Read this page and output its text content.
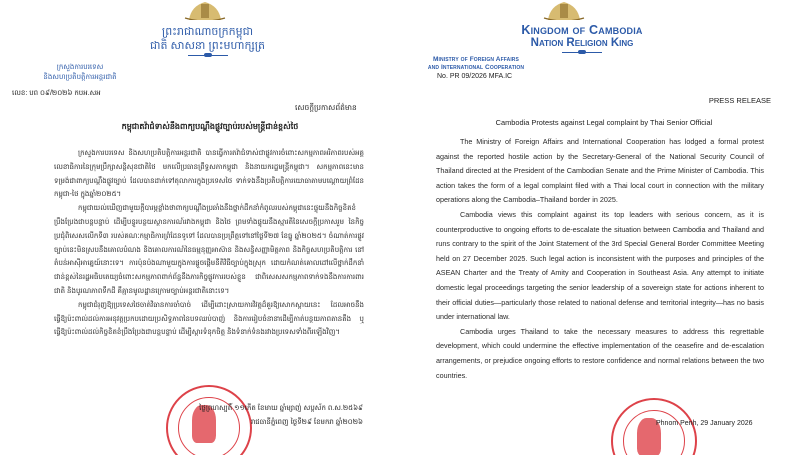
ព្រះរាជាណាចក្រកម្ពុជា
ជាតិ សាសនា ព្រះមហាក្សត្រ
ក្រសួងការបរទេស
និងសហប្រតិបត្តិការអន្តរជាតិ
លេខ: បព ០៩/២០២៦ កបអ.សអ
សេចក្តីប្រកាសព័ត៌មាន
កម្ពុជាតវ៉ាជំទាស់នឹងពាក្យបណ្តឹងផ្លូវច្បាប់របស់មន្ត្រីជាន់ខ្ពស់ថៃ

ក្រសួងការបរទេស និងសហប្រតិបត្តិការអន្តរជាតិ បានធ្វើការតវ៉ាជំទាស់ជាផ្លូវការចំពោះសកម្មភាពអរិភាពរបស់អគ្គលេខាធិការនៃក្រុមប្រឹក្សាសន្តិសុខជាតិថៃ មកលើប្រធានព្រឹទ្ធសភាកម្ពុជា និងនាយករដ្ឋមន្ត្រីកម្ពុជា។ សកម្មភាពនេះមានទម្រង់ជាពាក្យបណ្តឹងផ្លូវច្បាប់ ដែលបានដាក់ទៅតុលាការក្នុងប្រទេសថៃ ទាក់ទងនឹងប្រតិបត្តិការយោធាតាមបណ្តោយព្រំដែនកម្ពុជា-ថៃ ក្នុងឆ្នាំ២០២៥។

កម្ពុជាយល់ឃើញជាមួយក្តីបារម្ភខ្លាំងថាពាក្យបណ្តឹងប្រឆាំងនឹងថ្នាក់ដឹកនាំកំពូលរបស់កម្ពុជានេះផ្ទុយនឹងកិច្ចខិតខំប្រឹងប្រែងជាបន្តបន្ទាប់ ដើម្បីបន្ធូរបន្ថយស្ថានការណ៍រវាងកម្ពុជា និងថៃ ព្រមទាំងផ្ទុយនឹងស្មារតីនៃសេចក្តីប្រកាសរួម នៃកិច្ចប្រជុំពិសេសលើកទី៣ របស់គណៈកម្មាធិការព្រំដែនទូទៅ ដែលបានប្រព្រឹត្តទៅនៅថ្ងៃទី២៧ ខែធ្នូ ឆ្នាំ២០២៥។ ចំណាត់ការផ្លូវច្បាប់នេះមិនស្របនឹងគោលបំណង និងគោលការណ៍នៃធម្មនុញ្ញអាស៊ាន និងសន្ធិសញ្ញាមិត្តភាព និងកិច្ចសហប្រតិបត្តិការ នៅតំបន់អាស៊ីអាគ្នេយ៍នោះទេ។ ការប៉ុនប៉ងណាមួយក្នុងការផ្តួចផ្តើមនីតិវិធីច្បាប់ក្នុងស្រុក ដោយកំណត់គោលដៅលើថ្នាក់ដឹកនាំជាន់ខ្ពស់នៃរដ្ឋអធិបតេយ្យចំពោះសកម្មភាពពាក់ព័ន្ធនឹងភារកិច្ចផ្លូវការរបស់ខ្លួន ជាពិសេសសកម្មភាពទាក់ទងនឹងការការពារជាតិ និងបូរណភាពទឹកដី គឺគ្មានមូលដ្ឋានក្រោមច្បាប់អន្តរជាតិនោះទេ។

កម្ពុជាជំរុញឱ្យប្រទេសថៃចាត់វិធានការចាំបាច់ ដើម្បីដោះស្រាយការវិវត្តដ៏គួរឱ្យសោកស្តាយនេះ ដែលអាចនឹងធ្វើឱ្យប៉ះពាល់ដល់ការអនុវត្តប្រកបដោយប្រសិទ្ធភាពនៃបទឈប់បាញ់ និងការរៀបចំនានាដើម្បីកាត់បន្ថយភាពតានតឹង ឬធ្វើឱ្យប៉ះពាល់ដល់កិច្ចខិតខំប្រឹងប្រែងជាបន្តបន្ទាប់ ដើម្បីស្តារទំនុកចិត្ត និងទំនាក់ទំនងរវាងប្រទេសទាំងពីរឡើងវិញ។

ថ្ងៃព្រហស្បតិ៍ ១១កើត ខែមាឃ ឆ្នាំម្សាញ់ សប្តស័ក ព.ស.២៥៦៩
រាជធានីភ្នំពេញ ថ្ងៃទី២៩ ខែមករា ឆ្នាំ២០២៦
Kingdom of Cambodia
Nation Religion King
Ministry of Foreign Affairs
and International Cooperation
No. PR 09/2026 MFA.IC
PRESS RELEASE
Cambodia Protests against Legal complaint by Thai Senior Official

The Ministry of Foreign Affairs and International Cooperation has lodged a formal protest against the reported hostile action by the Secretary-General of the National Security Council of Thailand directed at the President of the Cambodian Senate and the Prime Minister of Cambodia. This action takes the form of a legal complaint filed with a Thai local court in connection with the military operations along the Cambodia–Thailand border in 2025.

Cambodia views this complaint against its top leaders with serious concern, as it is counterproductive to ongoing efforts to de-escalate the situation between Cambodia and Thailand and runs contrary to the spirit of the Joint Statement of the 3rd Special General Border Committee Meeting held on 27 December 2025. Such legal action is inconsistent with the purposes and principles of the ASEAN Charter and the Treaty of Amity and Cooperation in Southeast Asia. Any attempt to initiate domestic legal proceedings targeting the senior leadership of a sovereign state for actions inherent to their official duties—particularly those related to national defense and territorial integrity—has no basis under international law.

Cambodia urges Thailand to take the necessary measures to address this regrettable development, which could undermine the effective implementation of the ceasefire and de-escalation arrangements, or prejudice ongoing efforts to restore confidence and normal relations between the two countries.

Phnom Penh, 29 January 2026
